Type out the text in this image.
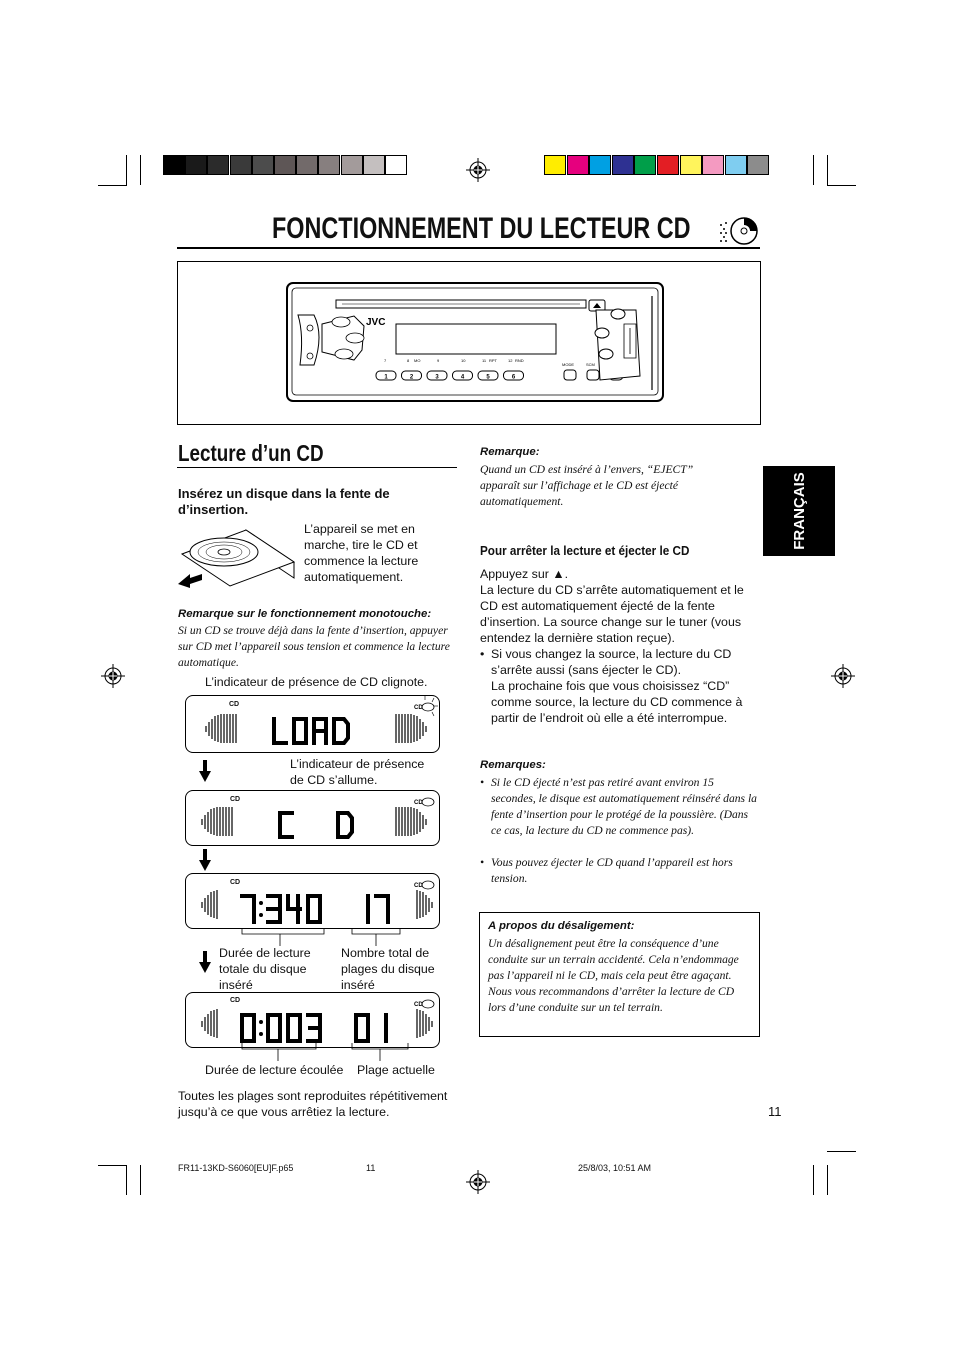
FONCTIONNEMENT DU LECTEUR CD
JVC
7	8 MO	9	10	11 RPT	12 RND
MODE	SCM
1	2	3	4	5	6
FRANÇAIS
Lecture d’un CD
Insérez un disque dans la fente de d’insertion.
L’appareil se met en marche, tire le CD et commence la lecture automatiquement.
Remarque sur le fonctionnement monotouche:
Si un CD se trouve déjà dans la fente d’insertion, appuyer sur CD met l’appareil sous tension et commence la lecture automatique.
L’indicateur de présence de CD clignote.
CD	CD
L’indicateur de présence de CD s’allume.
CD	CD
CD	CD
Durée de lecture totale du disque inséré
Nombre total de plages du disque inséré
CD
CD
Durée de lecture écoulée Plage actuelle
Toutes les plages sont reproduites répétitivement jusqu’à ce que vous arrêtiez la lecture.
Remarque:
Quand un CD est inséré à l’envers, “EJECT” apparaît sur l’affichage et le CD est éjecté automatiquement.
Pour arrêter la lecture et éjecter le CD
Appuyez sur ▲.
La lecture du CD s’arrête automatiquement et le CD est automatiquement éjecté de la fente d’insertion. La source change sur le tuner (vous entendez la dernière station reçue).
• Si vous changez la source, la lecture du CD s’arrête aussi (sans éjecter le CD).
La prochaine fois que vous choisissez “CD” comme source, la lecture du CD commence à partir de l’endroit où elle a été interrompue.
Remarques:
• Si le CD éjecté n’est pas retiré avant environ 15 secondes, le disque est automatiquement réinséré dans la fente d’insertion pour le protégé de la poussière. (Dans ce cas, la lecture du CD ne commence pas).
• Vous pouvez éjecter le CD quand l’appareil est hors tension.
A propos du désaligement:
Un désalignement peut être la conséquence d’une conduite sur un terrain accidenté. Cela n’endommage pas l’appareil ni le CD, mais cela peut être agaçant. Nous vous recommandons d’arrêter la lecture de CD lors d’une conduite sur un tel terrain.
11
FR11-13KD-S6060[EU]F.p65	11	25/8/03, 10:51 AM
